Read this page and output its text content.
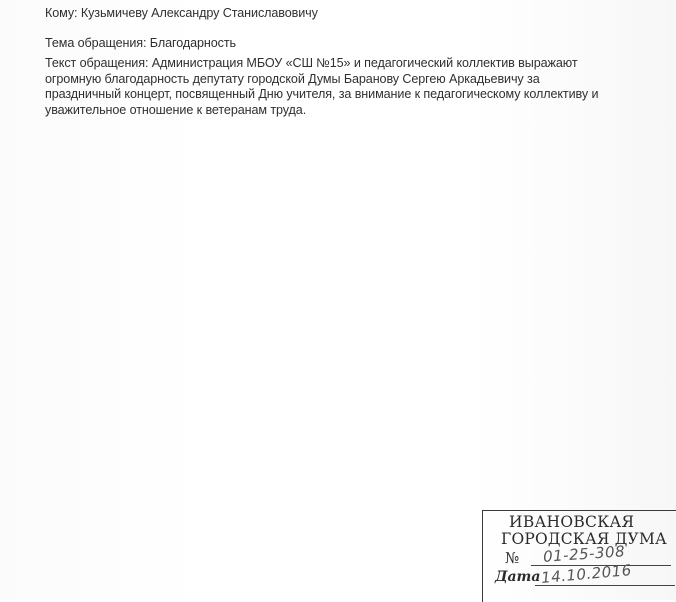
Кому: Кузьмичеву Александру Станиславовичу
Тема обращения: Благодарность
Текст обращения: Администрация МБОУ «СШ №15» и педагогический коллектив выражают
огромную благодарность депутату городской Думы Баранову Сергею Аркадьевичу за
праздничный концерт, посвященный Дню учителя, за внимание к педагогическому коллективу и
уважительное отношение к ветеранам труда.
ИВАНОВСКАЯ
ГОРОДСКАЯ ДУМА
№ 01-25-308
Дата 14.10.2016
